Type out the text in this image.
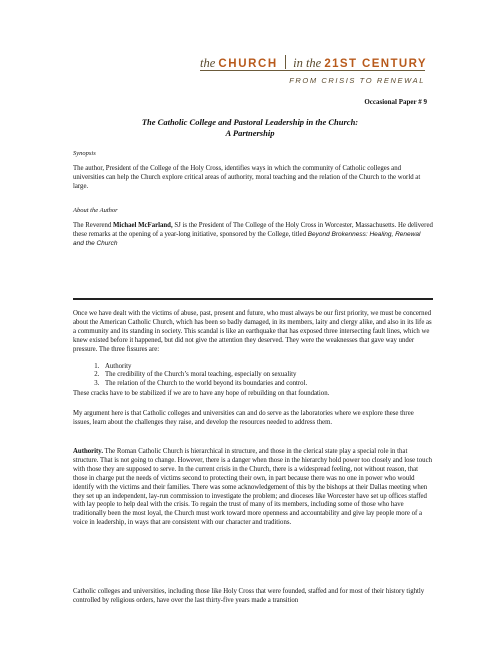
the CHURCH in the 21ST CENTURY
FROM CRISIS TO RENEWAL
Occasional Paper # 9
The Catholic College and Pastoral Leadership in the Church:
A Partnership
Synopsis
The author, President of the College of the Holy Cross, identifies ways in which the community of Catholic colleges and universities can help the Church explore critical areas of authority, moral teaching and the relation of the Church to the world at large.
About the Author
The Reverend Michael McFarland, SJ is the President of The College of the Holy Cross in Worcester, Massachusetts. He delivered these remarks at the opening of a year-long initiative, sponsored by the College, titled Beyond Brokenness: Healing, Renewal and the Church
Once we have dealt with the victims of abuse, past, present and future, who must always be our first priority, we must be concerned about the American Catholic Church, which has been so badly damaged, in its members, laity and clergy alike, and also in its life as a community and its standing in society. This scandal is like an earthquake that has exposed three intersecting fault lines, which we knew existed before it happened, but did not give the attention they deserved. They were the weaknesses that gave way under pressure. The three fissures are:
1. Authority
2. The credibility of the Church’s moral teaching, especially on sexuality
3. The relation of the Church to the world beyond its boundaries and control.
These cracks have to be stabilized if we are to have any hope of rebuilding on that foundation.
My argument here is that Catholic colleges and universities can and do serve as the laboratories where we explore these three issues, learn about the challenges they raise, and develop the resources needed to address them.
Authority. The Roman Catholic Church is hierarchical in structure, and those in the clerical state play a special role in that structure. That is not going to change. However, there is a danger when those in the hierarchy hold power too closely and lose touch with those they are supposed to serve. In the current crisis in the Church, there is a widespread feeling, not without reason, that those in charge put the needs of victims second to protecting their own, in part because there was no one in power who would identify with the victims and their families. There was some acknowledgement of this by the bishops at their Dallas meeting when they set up an independent, lay-run commission to investigate the problem; and dioceses like Worcester have set up offices staffed with lay people to help deal with the crisis. To regain the trust of many of its members, including some of those who have traditionally been the most loyal, the Church must work toward more openness and accountability and give lay people more of a voice in leadership, in ways that are consistent with our character and traditions.
Catholic colleges and universities, including those like Holy Cross that were founded, staffed and for most of their history tightly controlled by religious orders, have over the last thirty-five years made a transition
